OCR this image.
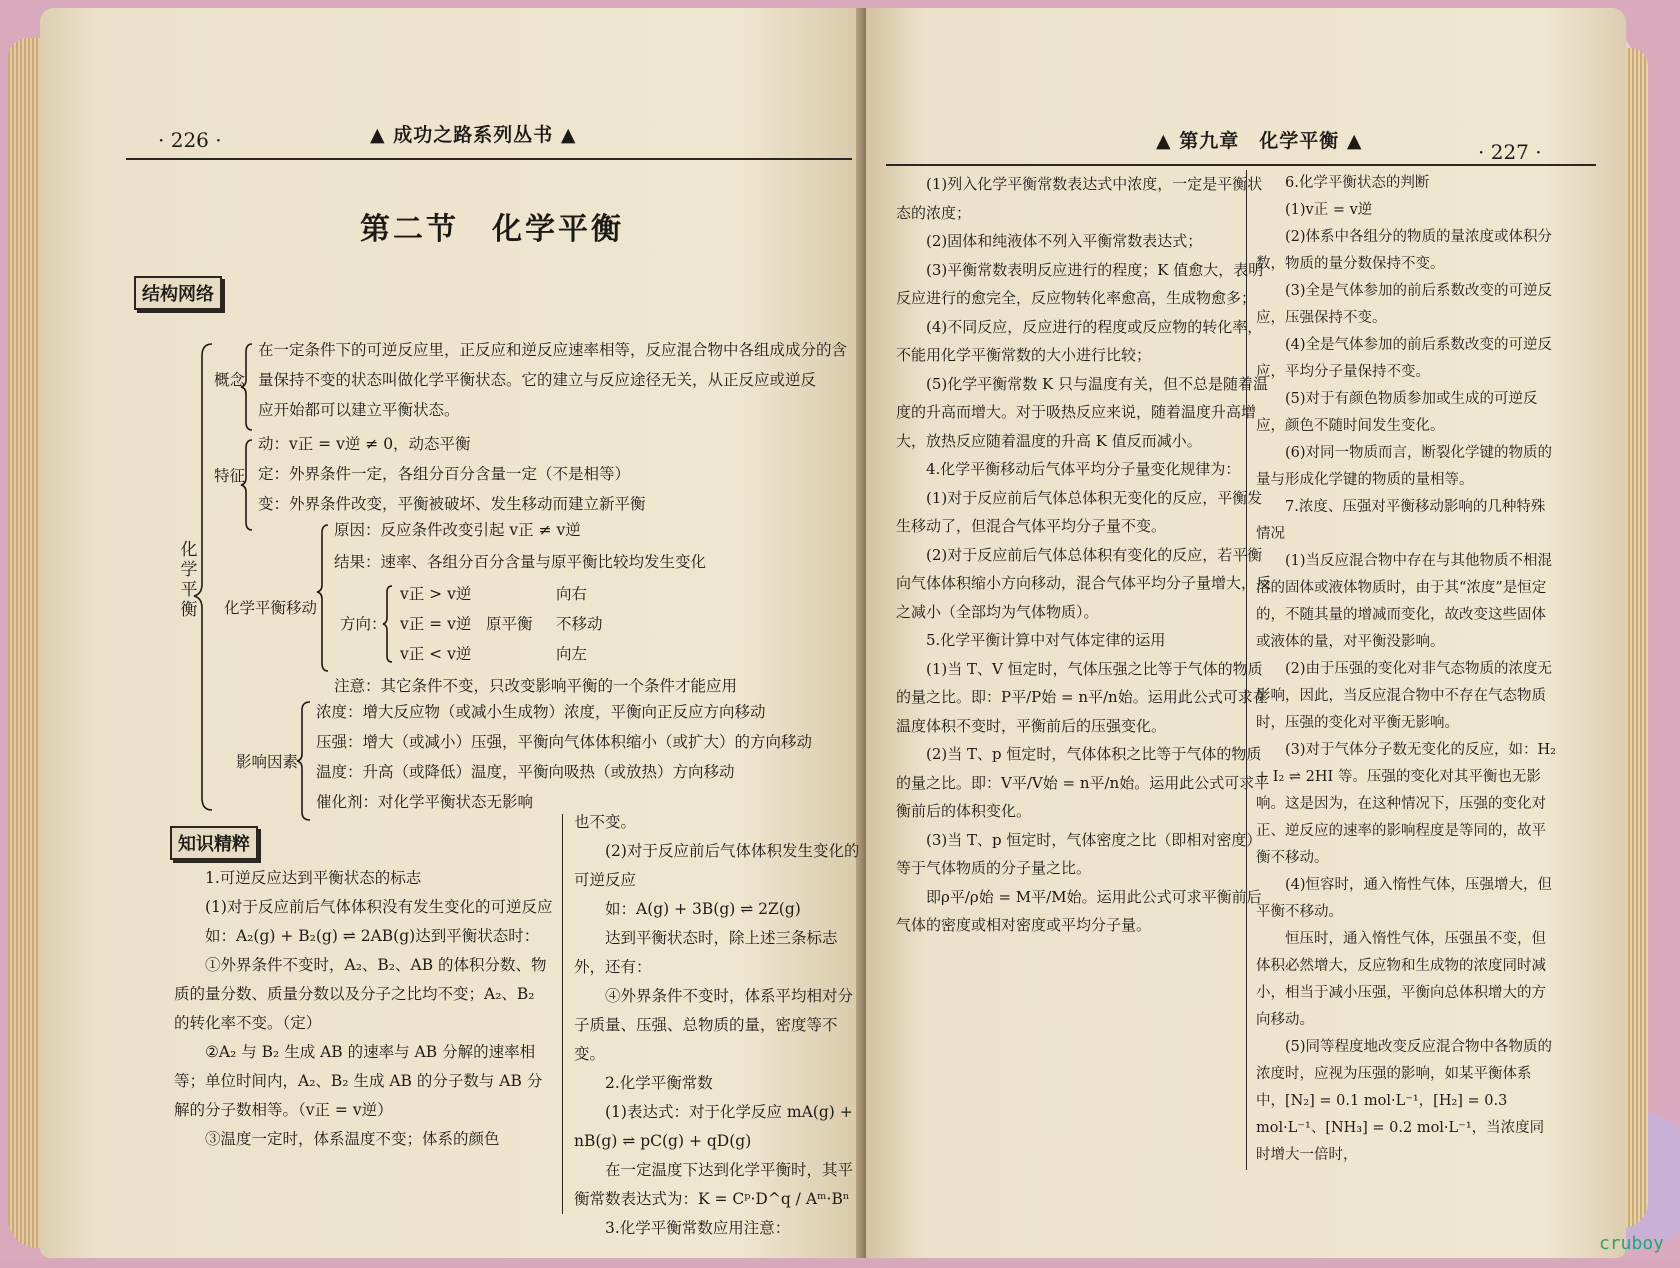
· 226 ·	▲ 成功之路系列丛书 ▲
第二节　化学平衡
结构网络
化学平衡
概念
在一定条件下的可逆反应里，正反应和逆反应速率相等，反应混合物中各组成成分的含
量保持不变的状态叫做化学平衡状态。它的建立与反应途径无关，从正反应或逆反
应开始都可以建立平衡状态。
特征
动：v正 = v逆 ≠ 0，动态平衡
定：外界条件一定，各组分百分含量一定（不是相等）
变：外界条件改变，平衡被破坏、发生移动而建立新平衡
化学平衡移动
原因：反应条件改变引起 v正 ≠ v逆
结果：速率、各组分百分含量与原平衡比较均发生变化
方向：
v正 > v逆
v正 = v逆
v正 < v逆
原平衡
向右
不移动
向左
注意：其它条件不变，只改变影响平衡的一个条件才能应用
影响因素
浓度：增大反应物（或减小生成物）浓度，平衡向正反应方向移动
压强：增大（或减小）压强，平衡向气体体积缩小（或扩大）的方向移动
温度：升高（或降低）温度，平衡向吸热（或放热）方向移动
催化剂：对化学平衡状态无影响
知识精粹

1.可逆反应达到平衡状态的标志

(1)对于反应前后气体体积没有发生变化的可逆反应

如：A₂(g) + B₂(g) ⇌ 2AB(g)达到平衡状态时：

①外界条件不变时，A₂、B₂、AB 的体积分数、物质的量分数、质量分数以及分子之比均不变；A₂、B₂ 的转化率不变。（定）

②A₂ 与 B₂ 生成 AB 的速率与 AB 分解的速率相等；单位时间内，A₂、B₂ 生成 AB 的分子数与 AB 分解的分子数相等。（v正 = v逆）

③温度一定时，体系温度不变；体系的颜色

也不变。

(2)对于反应前后气体体积发生变化的可逆反应

如：A(g) + 3B(g) ⇌ 2Z(g)

达到平衡状态时，除上述三条标志外，还有：

④外界条件不变时，体系平均相对分子质量、压强、总物质的量，密度等不变。

2.化学平衡常数

(1)表达式：对于化学反应 mA(g) + nB(g) ⇌ pC(g) + qD(g)

在一定温度下达到化学平衡时，其平衡常数表达式为：K = Cᵖ·D^q / Aᵐ·Bⁿ

3.化学平衡常数应用注意：

▲ 第九章　化学平衡 ▲	· 227 ·

(1)列入化学平衡常数表达式中浓度，一定是平衡状态的浓度；

(2)固体和纯液体不列入平衡常数表达式；

(3)平衡常数表明反应进行的程度；K 值愈大，表明反应进行的愈完全，反应物转化率愈高，生成物愈多；

(4)不同反应，反应进行的程度或反应物的转化率，不能用化学平衡常数的大小进行比较；

(5)化学平衡常数 K 只与温度有关，但不总是随着温度的升高而增大。对于吸热反应来说，随着温度升高增大，放热反应随着温度的升高 K 值反而减小。

4.化学平衡移动后气体平均分子量变化规律为：

(1)对于反应前后气体总体积无变化的反应，平衡发生移动了，但混合气体平均分子量不变。

(2)对于反应前后气体总体积有变化的反应，若平衡向气体体积缩小方向移动，混合气体平均分子量增大，反之减小（全部均为气体物质）。

5.化学平衡计算中对气体定律的运用

(1)当 T、V 恒定时，气体压强之比等于气体的物质的量之比。即：P平/P始 = n平/n始。运用此公式可求在温度体积不变时，平衡前后的压强变化。

(2)当 T、p 恒定时，气体体积之比等于气体的物质的量之比。即：V平/V始 = n平/n始。运用此公式可求平衡前后的体积变化。

(3)当 T、p 恒定时，气体密度之比（即相对密度）等于气体物质的分子量之比。

即ρ平/ρ始 = M平/M始。运用此公式可求平衡前后气体的密度或相对密度或平均分子量。

6.化学平衡状态的判断

(1)v正 = v逆

(2)体系中各组分的物质的量浓度或体积分数，物质的量分数保持不变。

(3)全是气体参加的前后系数改变的可逆反应，压强保持不变。

(4)全是气体参加的前后系数改变的可逆反应，平均分子量保持不变。

(5)对于有颜色物质参加或生成的可逆反应，颜色不随时间发生变化。

(6)对同一物质而言，断裂化学键的物质的量与形成化学键的物质的量相等。

7.浓度、压强对平衡移动影响的几种特殊情况

(1)当反应混合物中存在与其他物质不相混溶的固体或液体物质时，由于其“浓度”是恒定的，不随其量的增减而变化，故改变这些固体或液体的量，对平衡没影响。

(2)由于压强的变化对非气态物质的浓度无影响，因此，当反应混合物中不存在气态物质时，压强的变化对平衡无影响。

(3)对于气体分子数无变化的反应，如：H₂ + I₂ ⇌ 2HI 等。压强的变化对其平衡也无影响。这是因为，在这种情况下，压强的变化对正、逆反应的速率的影响程度是等同的，故平衡不移动。

(4)恒容时，通入惰性气体，压强增大，但平衡不移动。

恒压时，通入惰性气体，压强虽不变，但体积必然增大，反应物和生成物的浓度同时减小，相当于减小压强，平衡向总体积增大的方向移动。

(5)同等程度地改变反应混合物中各物质的浓度时，应视为压强的影响，如某平衡体系中，[N₂] = 0.1 mol·L⁻¹，[H₂] = 0.3 mol·L⁻¹、[NH₃] = 0.2 mol·L⁻¹，当浓度同时增大一倍时，

cruboy
